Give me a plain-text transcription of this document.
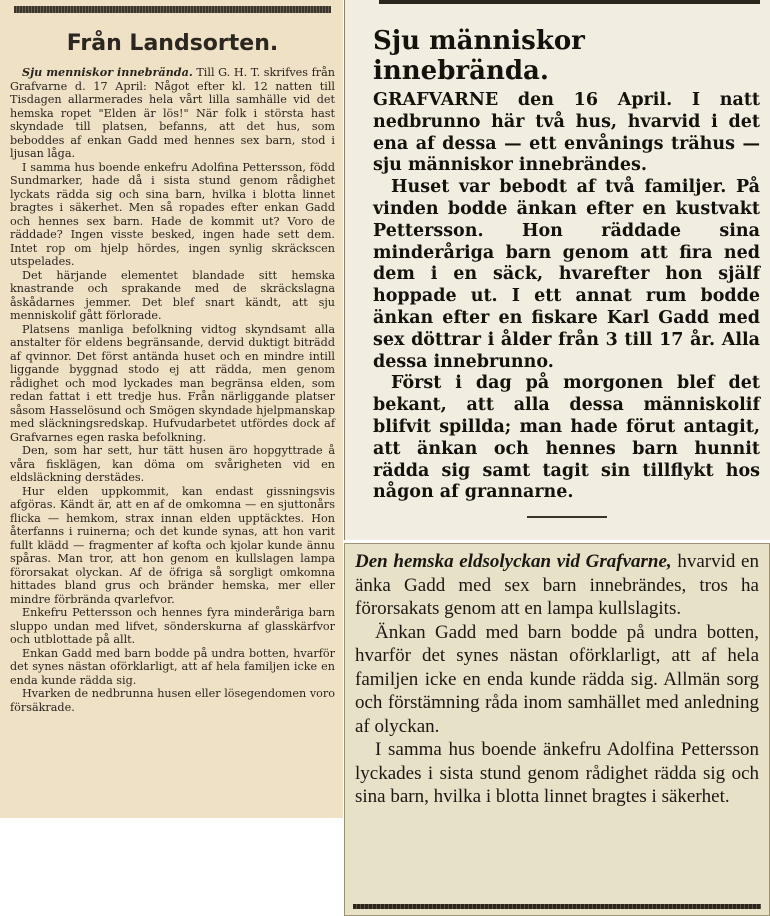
Från Landsorten.

Sju menniskor innebrända. Till G. H. T. skrifves från Grafvarne d. 17 April: Något efter kl. 12 natten till Tisdagen allarmerades hela vårt lilla samhälle vid det hemska ropet "Elden är lös!" När folk i största hast skyndade till platsen, befanns, att det hus, som beboddes af enkan Gadd med hennes sex barn, stod i ljusan låga.

I samma hus boende enkefru Adolfina Pettersson, född Sundmarker, hade då i sista stund genom rådighet lyckats rädda sig och sina barn, hvilka i blotta linnet bragtes i säkerhet. Men så ropades efter enkan Gadd och hennes sex barn. Hade de kommit ut? Voro de räddade? Ingen visste besked, ingen hade sett dem. Intet rop om hjelp hördes, ingen synlig skräckscen utspelades.

Det härjande elementet blandade sitt hemska knastrande och sprakande med de skräckslagna åskådarnes jemmer. Det blef snart kändt, att sju menniskolif gått förlorade.

Platsens manliga befolkning vidtog skyndsamt alla anstalter för eldens begränsande, dervid duktigt biträdd af qvinnor. Det först antända huset och en mindre intill liggande byggnad stodo ej att rädda, men genom rådighet och mod lyckades man begränsa elden, som redan fattat i ett tredje hus. Från närliggande platser såsom Hasselösund och Smögen skyndade hjelpmanskap med släckningsredskap. Hufvudarbetet utfördes dock af Grafvarnes egen raska befolkning.

Den, som har sett, hur tätt husen äro hopgyttrade å våra fisklägen, kan döma om svårigheten vid en eldsläckning derstädes.

Hur elden uppkommit, kan endast gissningsvis afgöras. Kändt är, att en af de omkomna — en sjuttonårs flicka — hemkom, strax innan elden upptäcktes. Hon återfanns i ruinerna; och det kunde synas, att hon varit fullt klädd — fragmenter af kofta och kjolar kunde ännu spåras. Man tror, att hon genom en kullslagen lampa förorsakat olyckan. Af de öfriga så sorgligt omkomna hittades bland grus och bränder hemska, mer eller mindre förbrända qvarlefvor.

Enkefru Pettersson och hennes fyra minderåriga barn sluppo undan med lifvet, sönderskurna af glasskärfvor och utblottade på allt.

Enkan Gadd med barn bodde på undra botten, hvarför det synes nästan oförklarligt, att af hela familjen icke en enda kunde rädda sig.

Hvarken de nedbrunna husen eller lösegendomen voro försäkrade.

Sju människor innebrända.

GRAFVARNE den 16 April. I natt nedbrunno här två hus, hvarvid i det ena af dessa — ett envånings trähus — sju människor innebrändes.

Huset var bebodt af två familjer. På vinden bodde änkan efter en kustvakt Pettersson. Hon räddade sina minderåriga barn genom att fira ned dem i en säck, hvarefter hon själf hoppade ut. I ett annat rum bodde änkan efter en fiskare Karl Gadd med sex döttrar i ålder från 3 till 17 år. Alla dessa innebrunno.

Först i dag på morgonen blef det bekant, att alla dessa människolif blifvit spillda; man hade förut antagit, att änkan och hennes barn hunnit rädda sig samt tagit sin tillflykt hos någon af grannarne.

Den hemska eldsolyckan vid Grafvarne, hvarvid en änka Gadd med sex barn innebrändes, tros ha förorsakats genom att en lampa kullslagits.

Änkan Gadd med barn bodde på undra botten, hvarför det synes nästan oförklarligt, att af hela familjen icke en enda kunde rädda sig. Allmän sorg och förstämning råda inom samhället med anledning af olyckan.

I samma hus boende änkefru Adolfina Pettersson lyckades i sista stund genom rådighet rädda sig och sina barn, hvilka i blotta linnet bragtes i säkerhet.
